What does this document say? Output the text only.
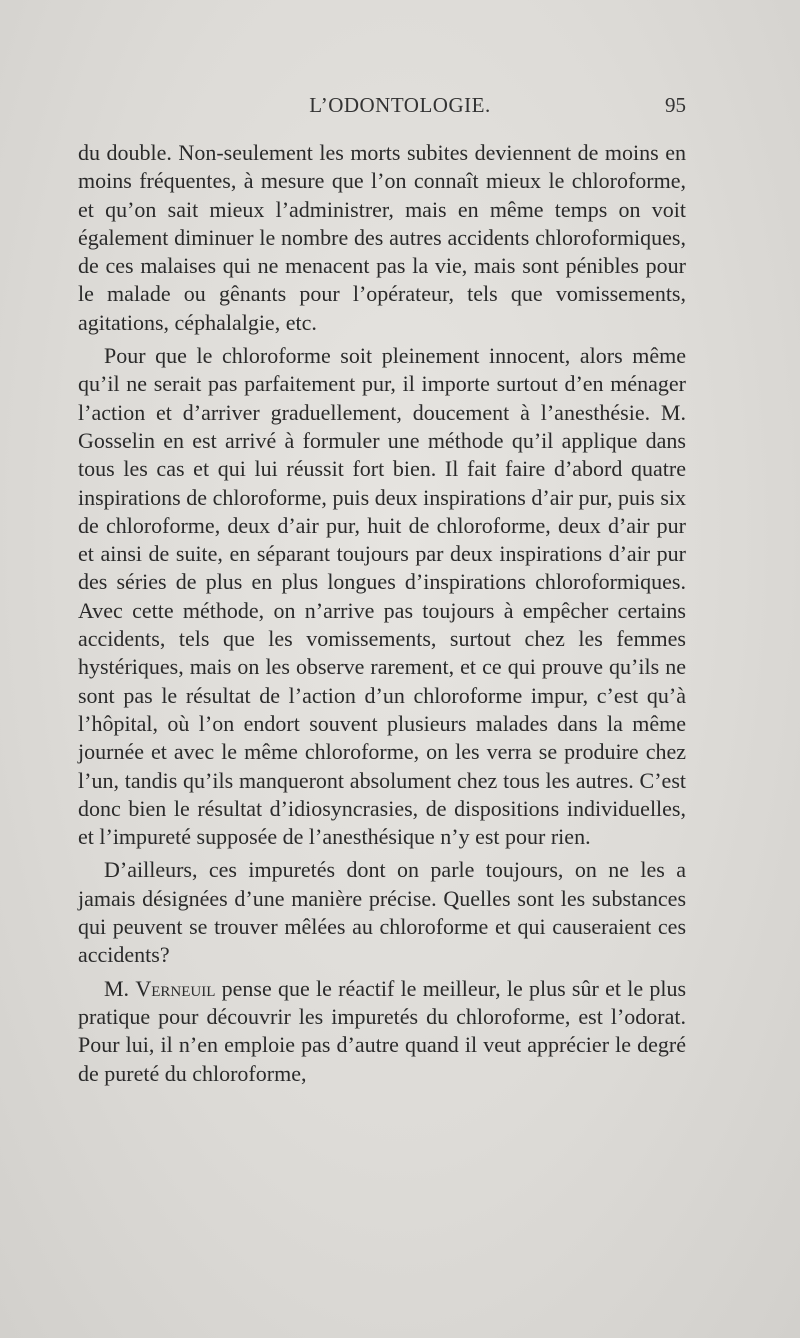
L’ODONTOLOGIE.	95

du double. Non-seulement les morts subites deviennent de moins en moins fréquentes, à mesure que l’on connaît mieux le chloroforme, et qu’on sait mieux l’administrer, mais en même temps on voit également diminuer le nombre des autres accidents chloroformiques, de ces malaises qui ne menacent pas la vie, mais sont pénibles pour le malade ou gênants pour l’opérateur, tels que vomissements, agitations, céphalalgie, etc.

Pour que le chloroforme soit pleinement innocent, alors même qu’il ne serait pas parfaitement pur, il importe surtout d’en ménager l’action et d’arriver graduellement, doucement à l’anesthésie. M. Gosselin en est arrivé à formuler une méthode qu’il applique dans tous les cas et qui lui réussit fort bien. Il fait faire d’abord quatre inspirations de chloroforme, puis deux inspirations d’air pur, puis six de chloroforme, deux d’air pur, huit de chloroforme, deux d’air pur et ainsi de suite, en séparant toujours par deux inspirations d’air pur des séries de plus en plus longues d’inspirations chloroformiques. Avec cette méthode, on n’arrive pas toujours à empêcher certains accidents, tels que les vomissements, surtout chez les femmes hystériques, mais on les observe rarement, et ce qui prouve qu’ils ne sont pas le résultat de l’action d’un chloroforme impur, c’est qu’à l’hôpital, où l’on endort souvent plusieurs malades dans la même journée et avec le même chloroforme, on les verra se produire chez l’un, tandis qu’ils manqueront absolument chez tous les autres. C’est donc bien le résultat d’idiosyncrasies, de dispositions individuelles, et l’impureté supposée de l’anesthésique n’y est pour rien.

D’ailleurs, ces impuretés dont on parle toujours, on ne les a jamais désignées d’une manière précise. Quelles sont les substances qui peuvent se trouver mêlées au chloroforme et qui causeraient ces accidents?

M. Verneuil pense que le réactif le meilleur, le plus sûr et le plus pratique pour découvrir les impuretés du chloroforme, est l’odorat. Pour lui, il n’en emploie pas d’autre quand il veut apprécier le degré de pureté du chloroforme,
